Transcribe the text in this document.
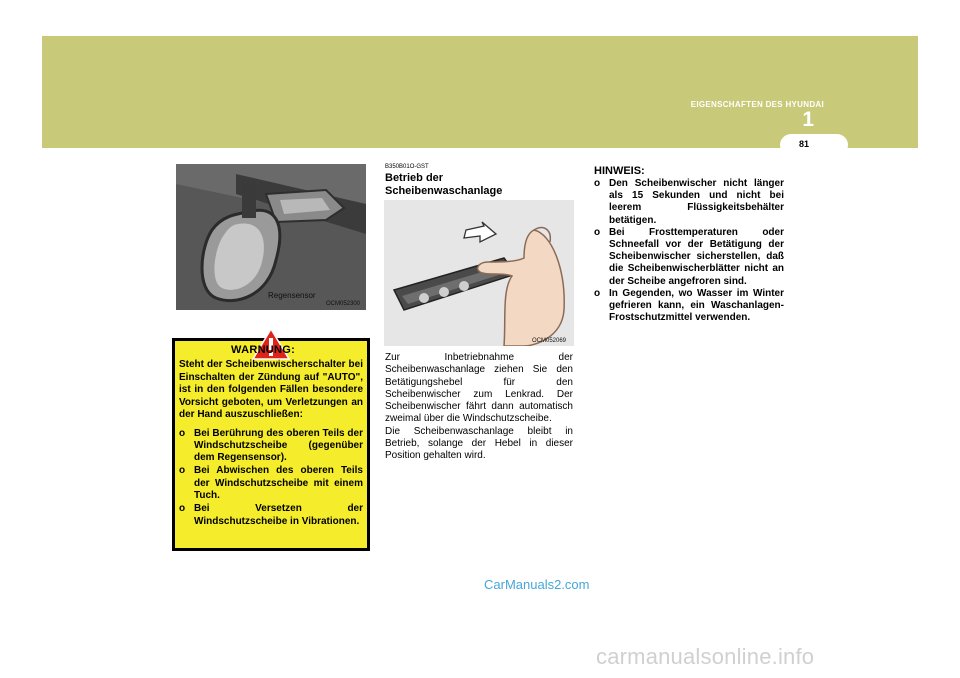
EIGENSCHAFTEN DES HYUNDAI
1
81
Regensensor
OCM052300
WARNUNG:

Steht der Scheibenwischerschalter bei Einschalten der Zündung auf "AUTO", ist in den folgenden Fällen besondere Vorsicht geboten, um Verletzungen an der Hand auszuschließen:

o Bei Berührung des oberen Teils der Windschutzscheibe (gegenüber dem Regensensor).
o Bei Abwischen des oberen Teils der Windschutzscheibe mit einem Tuch.
o Bei Versetzen der Windschutzscheibe in Vibrationen.
B350B01O-GST
Betrieb der
Scheibenwaschanlage
OCM052069

Zur Inbetriebnahme der Scheibenwaschanlage ziehen Sie den Betätigungshebel für den Scheibenwischer zum Lenkrad. Der Scheibenwischer fährt dann automatisch zweimal über die Windschutzscheibe.

Die Scheibenwaschanlage bleibt in Betrieb, solange der Hebel in dieser Position gehalten wird.

HINWEIS:
o Den Scheibenwischer nicht länger als 15 Sekunden und nicht bei leerem Flüssigkeitsbehälter betätigen.
o Bei Frosttemperaturen oder Schneefall vor der Betätigung der Scheibenwischer sicherstellen, daß die Scheibenwischerblätter nicht an der Scheibe angefroren sind.
o In Gegenden, wo Wasser im Winter gefrieren kann, ein Waschanlagen-Frostschutzmittel verwenden.
CarManuals2.com
carmanualsonline.info
